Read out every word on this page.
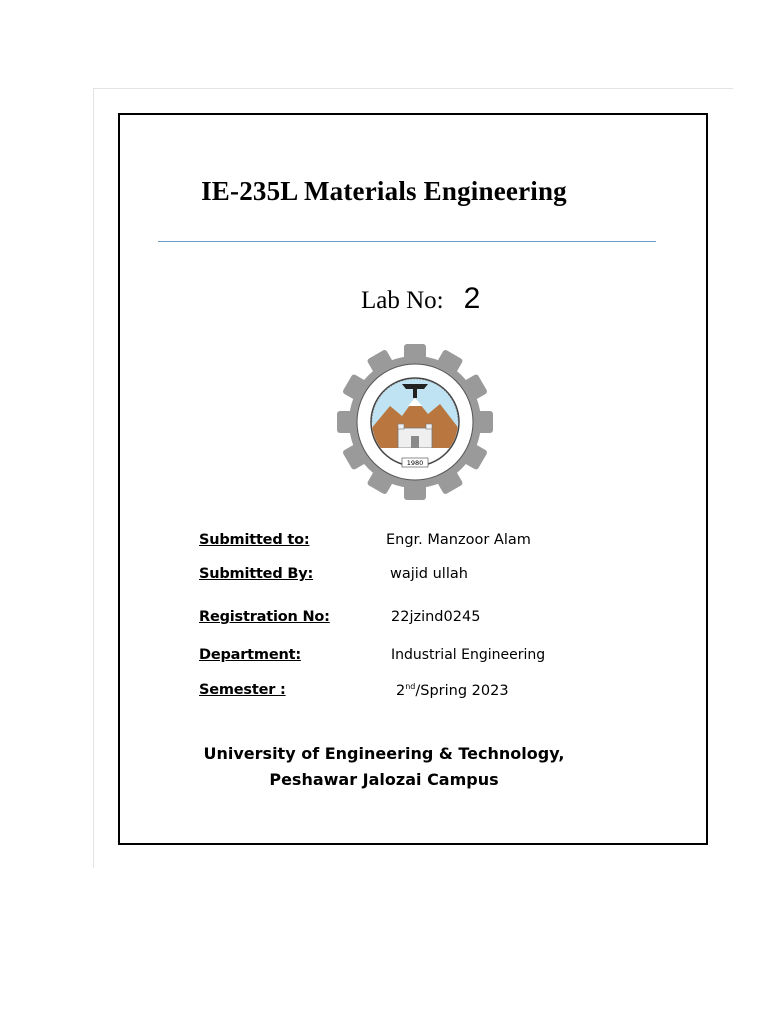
IE-235L Materials Engineering
Lab No: 2
1980
Submitted to:	Engr. Manzoor Alam
Submitted By:	wajid ullah
Registration No:	22jzind0245
Department:	Industrial Engineering
Semester :	2nd/Spring 2023
University of Engineering & Technology,
Peshawar Jalozai Campus
